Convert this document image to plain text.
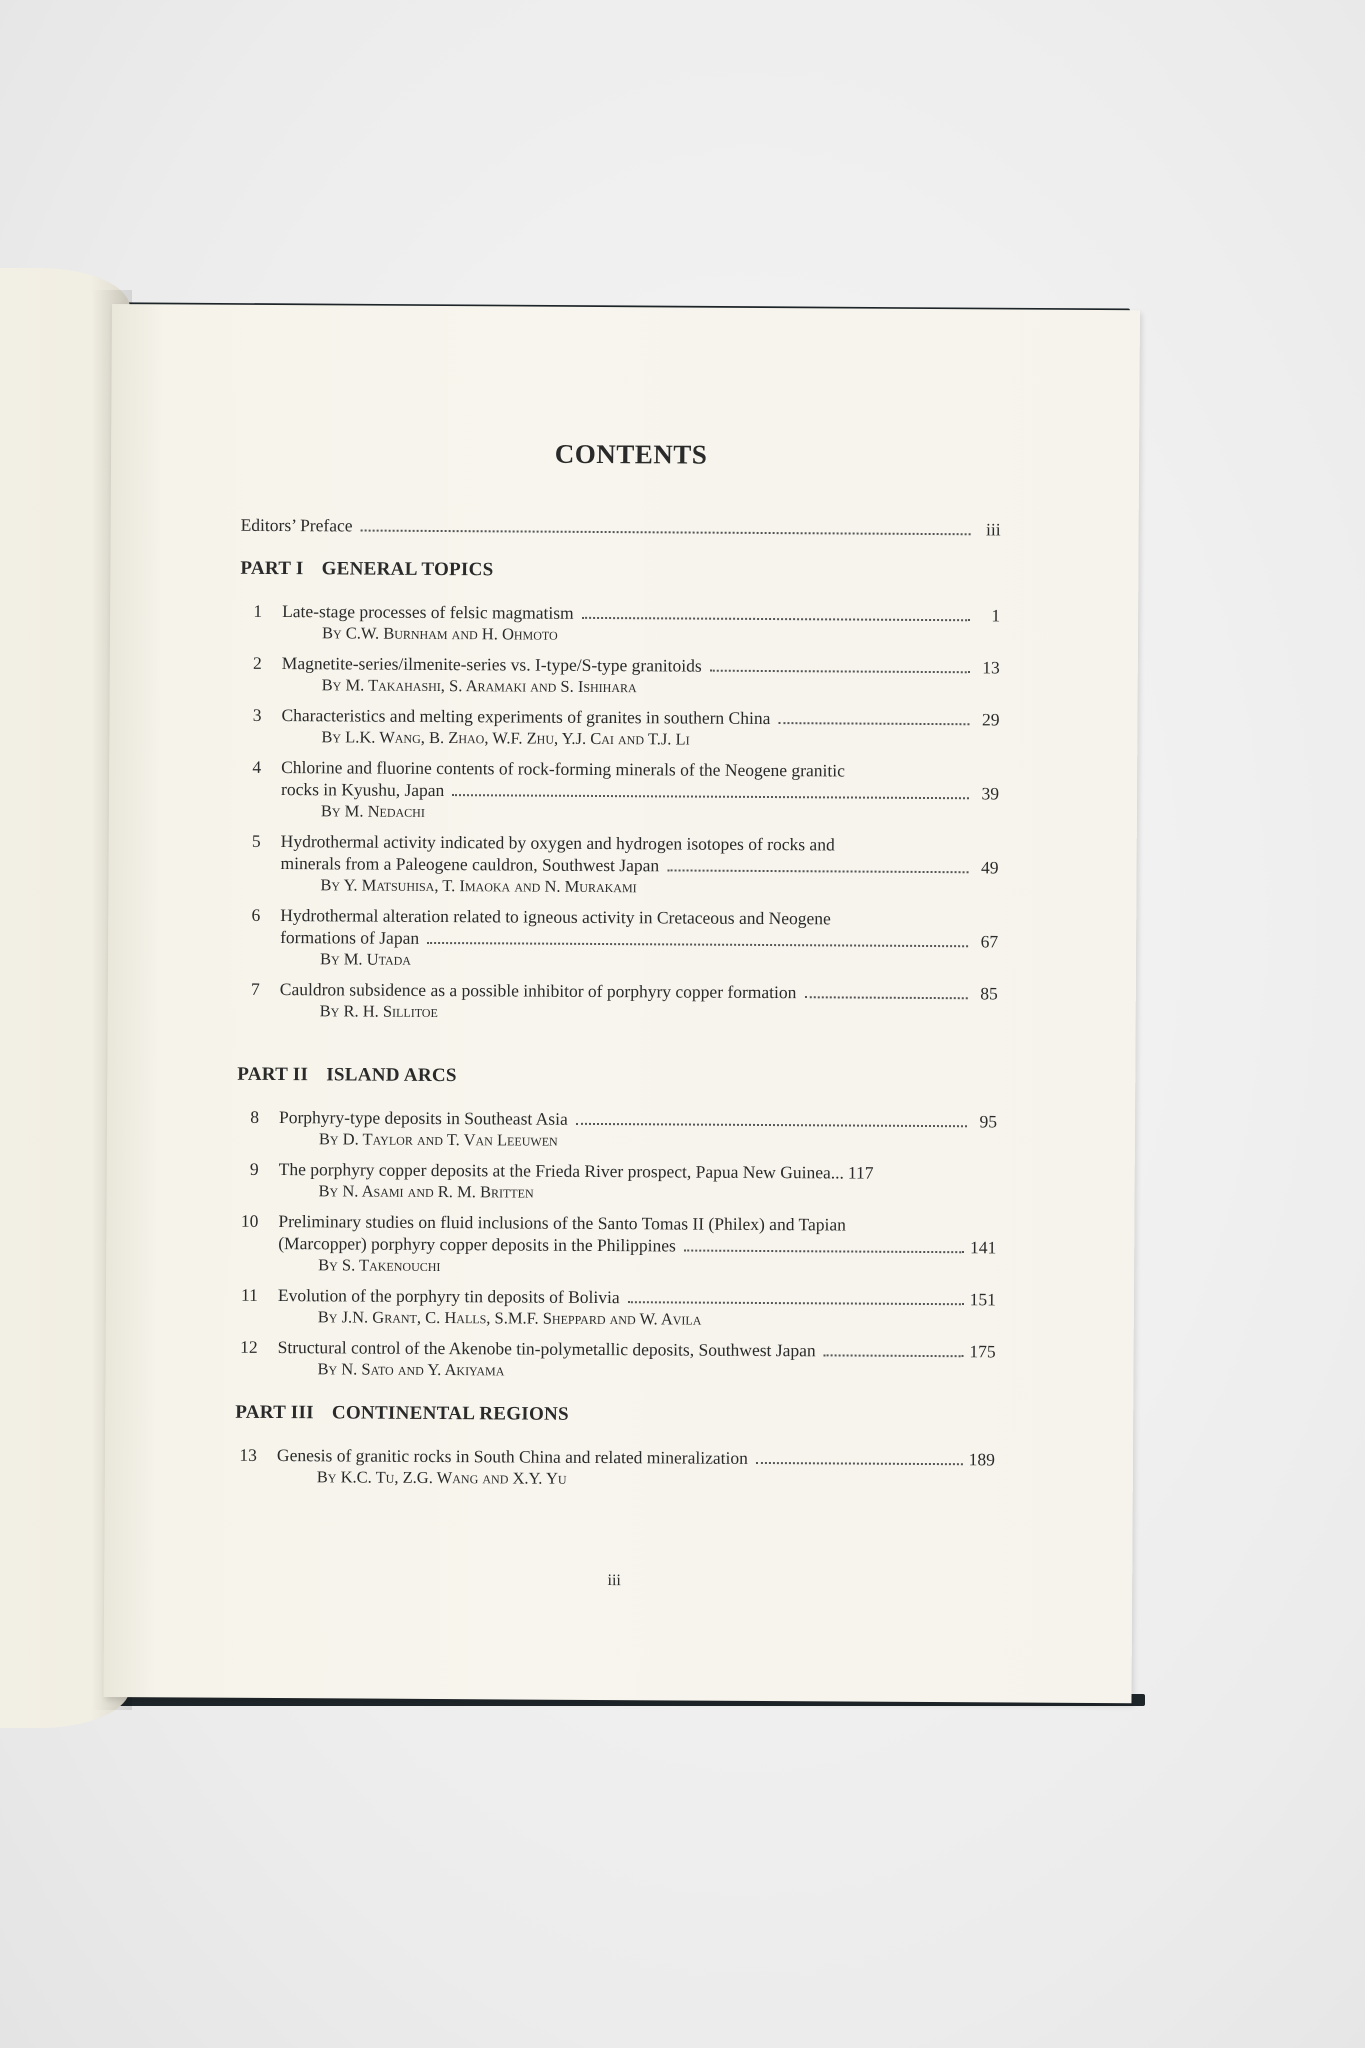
CONTENTS
Editors’ Preface	iii
PART I GENERAL TOPICS
1 Late-stage processes of felsic magmatism	1
By C.W. Burnham and H. Ohmoto
2 Magnetite-series/ilmenite-series vs. I-type/S-type granitoids	13
By M. Takahashi, S. Aramaki and S. Ishihara
3 Characteristics and melting experiments of granites in southern China	29
By L.K. Wang, B. Zhao, W.F. Zhu, Y.J. Cai and T.J. Li
4 Chlorine and fluorine contents of rock-forming minerals of the Neogene granitic
rocks in Kyushu, Japan	39
By M. Nedachi
5 Hydrothermal activity indicated by oxygen and hydrogen isotopes of rocks and
minerals from a Paleogene cauldron, Southwest Japan	49
By Y. Matsuhisa, T. Imaoka and N. Murakami
6 Hydrothermal alteration related to igneous activity in Cretaceous and Neogene
formations of Japan	67
By M. Utada
7 Cauldron subsidence as a possible inhibitor of porphyry copper formation	85
By R. H. Sillitoe
PART II ISLAND ARCS
8 Porphyry-type deposits in Southeast Asia	95
By D. Taylor and T. Van Leeuwen
9 The porphyry copper deposits at the Frieda River prospect, Papua New Guinea... 117
By N. Asami and R. M. Britten
10 Preliminary studies on fluid inclusions of the Santo Tomas II (Philex) and Tapian
(Marcopper) porphyry copper deposits in the Philippines	141
By S. Takenouchi
11 Evolution of the porphyry tin deposits of Bolivia	151
By J.N. Grant, C. Halls, S.M.F. Sheppard and W. Avila
12 Structural control of the Akenobe tin-polymetallic deposits, Southwest Japan	175
By N. Sato and Y. Akiyama
PART III CONTINENTAL REGIONS
13 Genesis of granitic rocks in South China and related mineralization	189
By K.C. Tu, Z.G. Wang and X.Y. Yu
iii
